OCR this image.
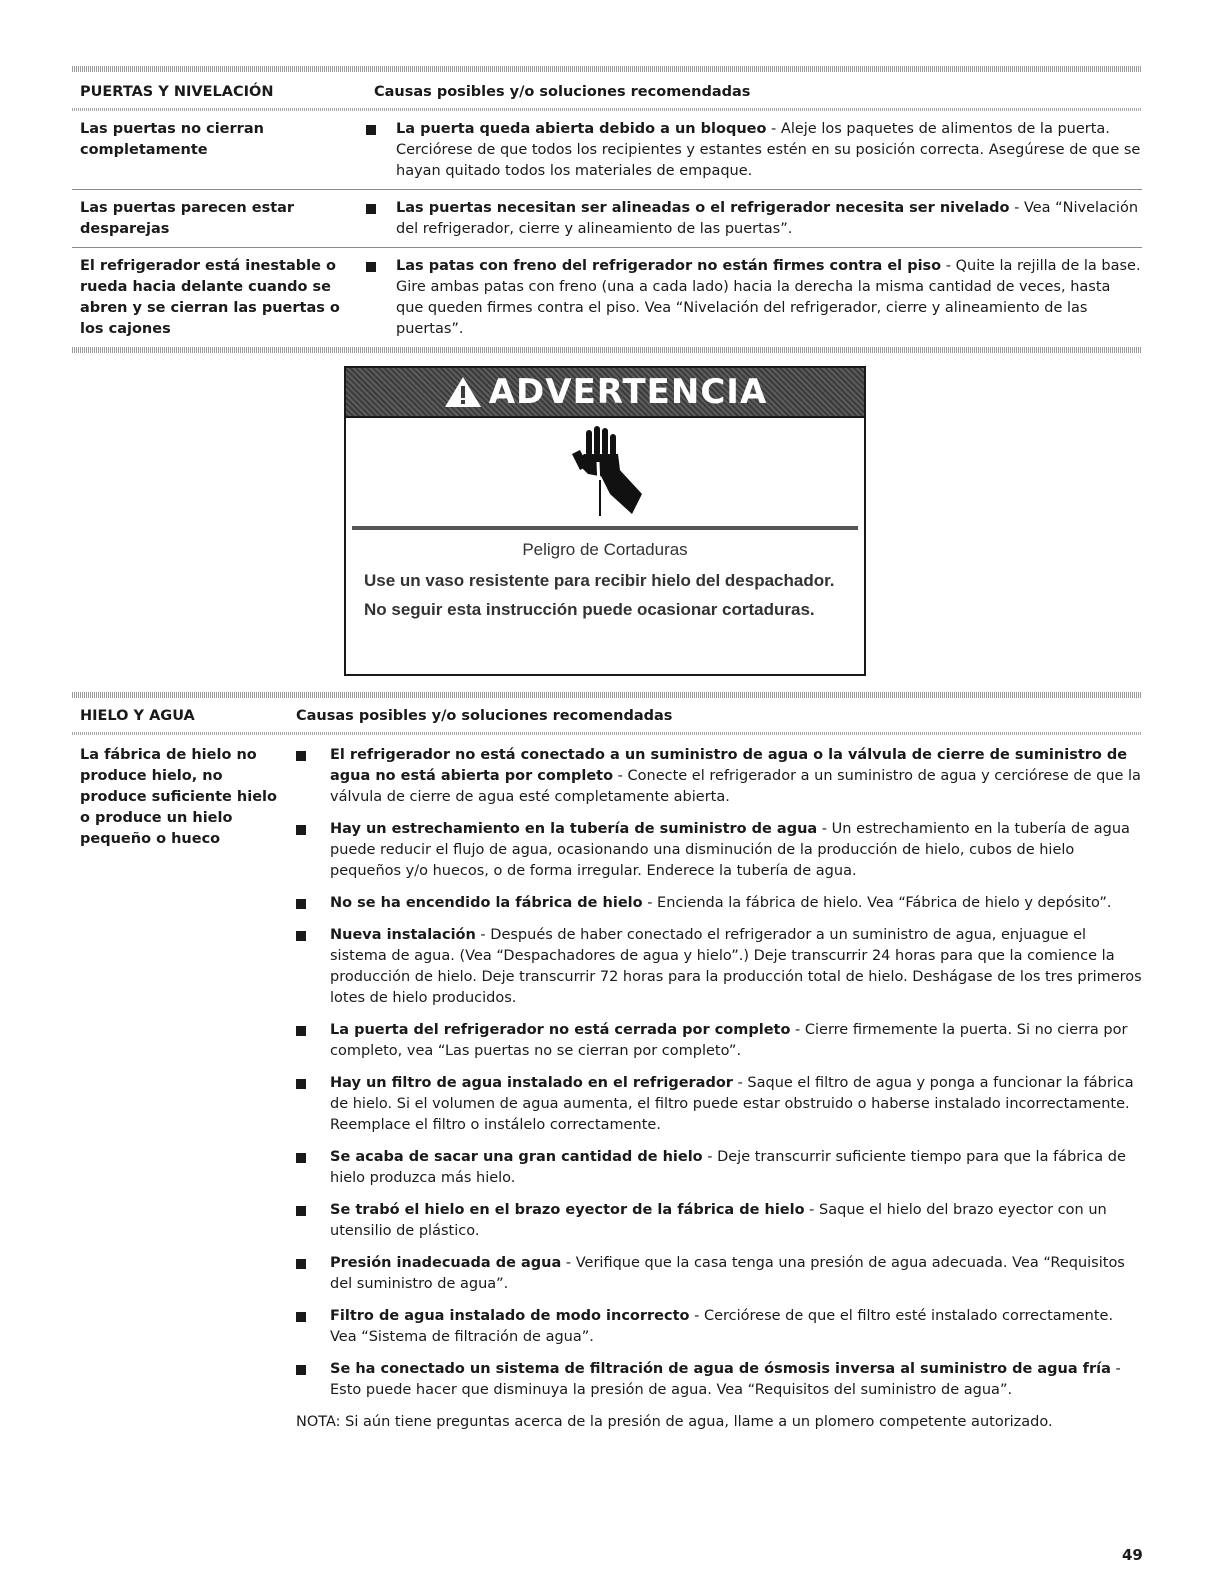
PUERTAS Y NIVELACIÓN	Causas posibles y/o soluciones recomendadas
Las puertas no cierran completamente
La puerta queda abierta debido a un bloqueo - Aleje los paquetes de alimentos de la puerta. Cerciórese de que todos los recipientes y estantes estén en su posición correcta. Asegúrese de que se hayan quitado todos los materiales de empaque.
Las puertas parecen estar desparejas
Las puertas necesitan ser alineadas o el refrigerador necesita ser nivelado - Vea “Nivelación del refrigerador, cierre y alineamiento de las puertas”.
El refrigerador está inestable o rueda hacia delante cuando se abren y se cierran las puertas o los cajones
Las patas con freno del refrigerador no están firmes contra el piso - Quite la rejilla de la base. Gire ambas patas con freno (una a cada lado) hacia la derecha la misma cantidad de veces, hasta que queden firmes contra el piso. Vea “Nivelación del refrigerador, cierre y alineamiento de las puertas”.
ADVERTENCIA
Peligro de Cortaduras
Use un vaso resistente para recibir hielo del despachador.
No seguir esta instrucción puede ocasionar cortaduras.
HIELO Y AGUA	Causas posibles y/o soluciones recomendadas
La fábrica de hielo no produce hielo, no produce suficiente hielo o produce un hielo pequeño o hueco
El refrigerador no está conectado a un suministro de agua o la válvula de cierre de suministro de agua no está abierta por completo - Conecte el refrigerador a un suministro de agua y cerciórese de que la válvula de cierre de agua esté completamente abierta.
Hay un estrechamiento en la tubería de suministro de agua - Un estrechamiento en la tubería de agua puede reducir el flujo de agua, ocasionando una disminución de la producción de hielo, cubos de hielo pequeños y/o huecos, o de forma irregular. Enderece la tubería de agua.
No se ha encendido la fábrica de hielo - Encienda la fábrica de hielo. Vea “Fábrica de hielo y depósito”.
Nueva instalación - Después de haber conectado el refrigerador a un suministro de agua, enjuague el sistema de agua. (Vea “Despachadores de agua y hielo”.) Deje transcurrir 24 horas para que la comience la producción de hielo. Deje transcurrir 72 horas para la producción total de hielo. Deshágase de los tres primeros lotes de hielo producidos.
La puerta del refrigerador no está cerrada por completo - Cierre firmemente la puerta. Si no cierra por completo, vea “Las puertas no se cierran por completo”.
Hay un filtro de agua instalado en el refrigerador - Saque el filtro de agua y ponga a funcionar la fábrica de hielo. Si el volumen de agua aumenta, el filtro puede estar obstruido o haberse instalado incorrectamente. Reemplace el filtro o instálelo correctamente.
Se acaba de sacar una gran cantidad de hielo - Deje transcurrir suficiente tiempo para que la fábrica de hielo produzca más hielo.
Se trabó el hielo en el brazo eyector de la fábrica de hielo - Saque el hielo del brazo eyector con un utensilio de plástico.
Presión inadecuada de agua - Verifique que la casa tenga una presión de agua adecuada. Vea “Requisitos del suministro de agua”.
Filtro de agua instalado de modo incorrecto - Cerciórese de que el filtro esté instalado correctamente. Vea “Sistema de filtración de agua”.
Se ha conectado un sistema de filtración de agua de ósmosis inversa al suministro de agua fría - Esto puede hacer que disminuya la presión de agua. Vea “Requisitos del suministro de agua”.
NOTA: Si aún tiene preguntas acerca de la presión de agua, llame a un plomero competente autorizado.
49
